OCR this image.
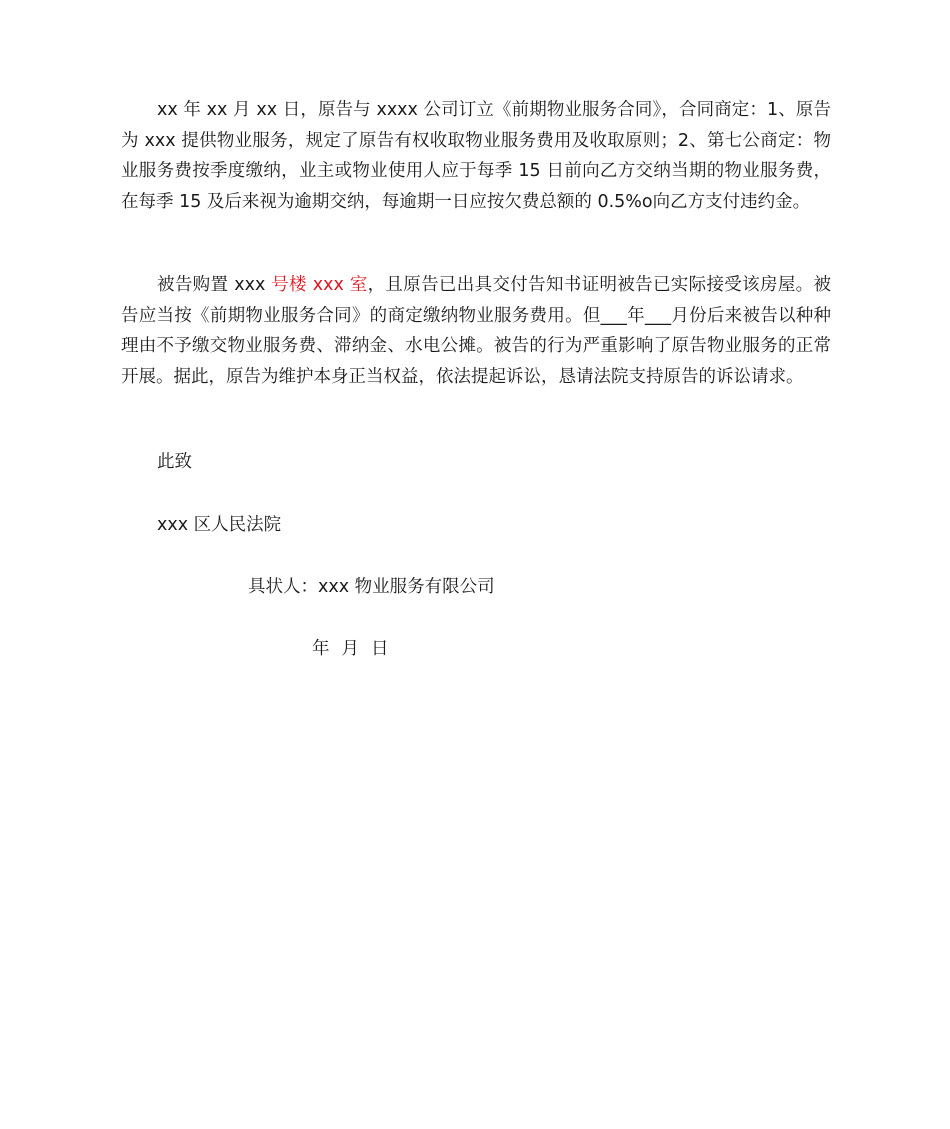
xx 年 xx 月 xx 日，原告与 xxxx 公司订立《前期物业服务合同》，合同商定：1、原告为 xxx 提供物业服务，规定了原告有权收取物业服务费用及收取原则；2、第七公商定：物业服务费按季度缴纳，业主或物业使用人应于每季 15 日前向乙方交纳当期的物业服务费，在每季 15 及后来视为逾期交纳，每逾期一日应按欠费总额的 0.5%o向乙方支付违约金。

被告购置 xxx 号楼 xxx 室，且原告已出具交付告知书证明被告已实际接受该房屋。被告应当按《前期物业服务合同》的商定缴纳物业服务费用。但___年___月份后来被告以种种理由不予缴交物业服务费、滞纳金、水电公摊。被告的行为严重影响了原告物业服务的正常开展。据此，原告为维护本身正当权益，依法提起诉讼，恳请法院支持原告的诉讼请求。

此致

xxx 区人民法院

具状人：xxx 物业服务有限公司

年 月 日
